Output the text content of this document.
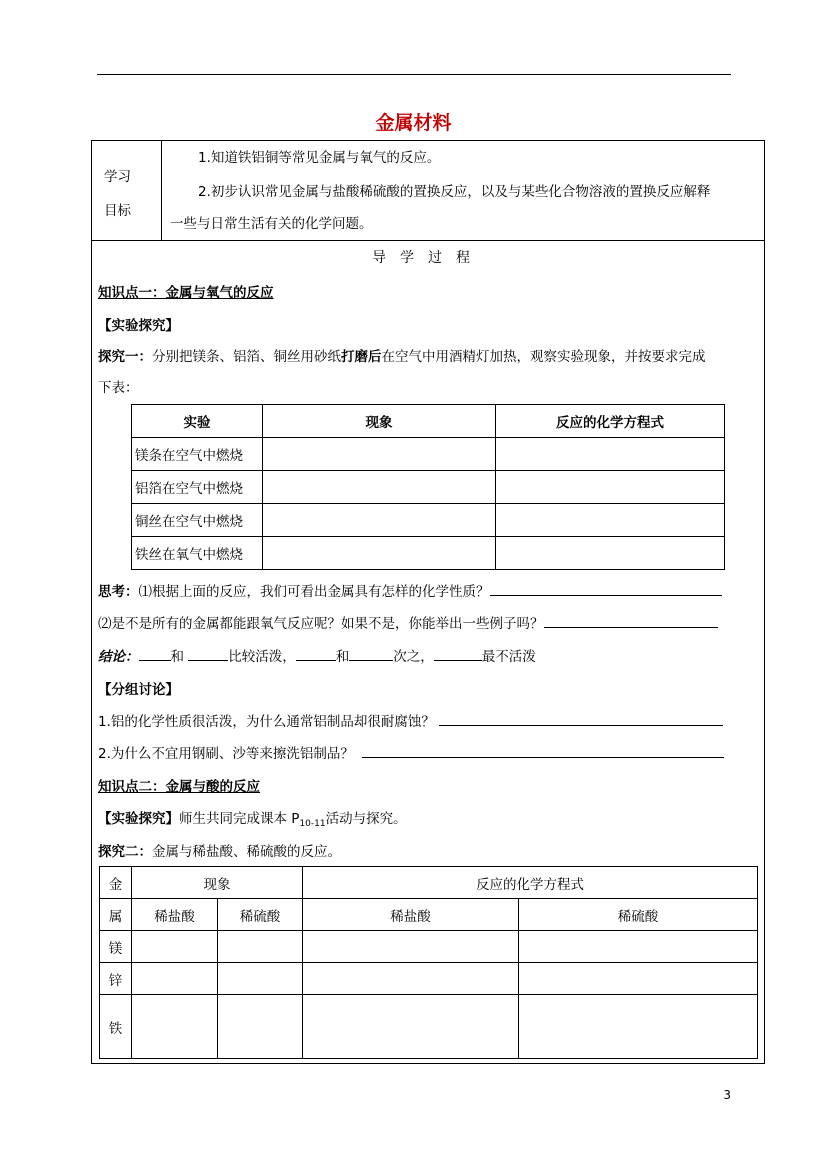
金属材料
学习
目标
1.知道铁铝铜等常见金属与氧气的反应。
2.初步认识常见金属与盐酸稀硫酸的置换反应，以及与某些化合物溶液的置换反应解释
一些与日常生活有关的化学问题。
导学过程
知识点一：金属与氧气的反应
【实验探究】
探究一：分别把镁条、铝箔、铜丝用砂纸打磨后在空气中用酒精灯加热，观察实验现象，并按要求完成
下表：
实验	现象	反应的化学方程式
镁条在空气中燃烧		
铝箔在空气中燃烧		
铜丝在空气中燃烧		
铁丝在氧气中燃烧		
思考：⑴根据上面的反应，我们可看出金属具有怎样的化学性质？
⑵是不是所有的金属都能跟氧气反应呢？如果不是，你能举出一些例子吗？
结论： 和	比较活泼，	和	次之，	最不活泼
【分组讨论】
1.铝的化学性质很活泼，为什么通常铝制品却很耐腐蚀？
2.为什么不宜用钢刷、沙等来擦洗铝制品？
知识点二：金属与酸的反应
【实验探究】师生共同完成课本 $P_{10-11}$活动与探究。
探究二：金属与稀盐酸、稀硫酸的反应。
金	现象		反应的化学方程式	
属	稀盐酸	稀硫酸	稀盐酸	稀硫酸
镁				
锌				
铁				
3
